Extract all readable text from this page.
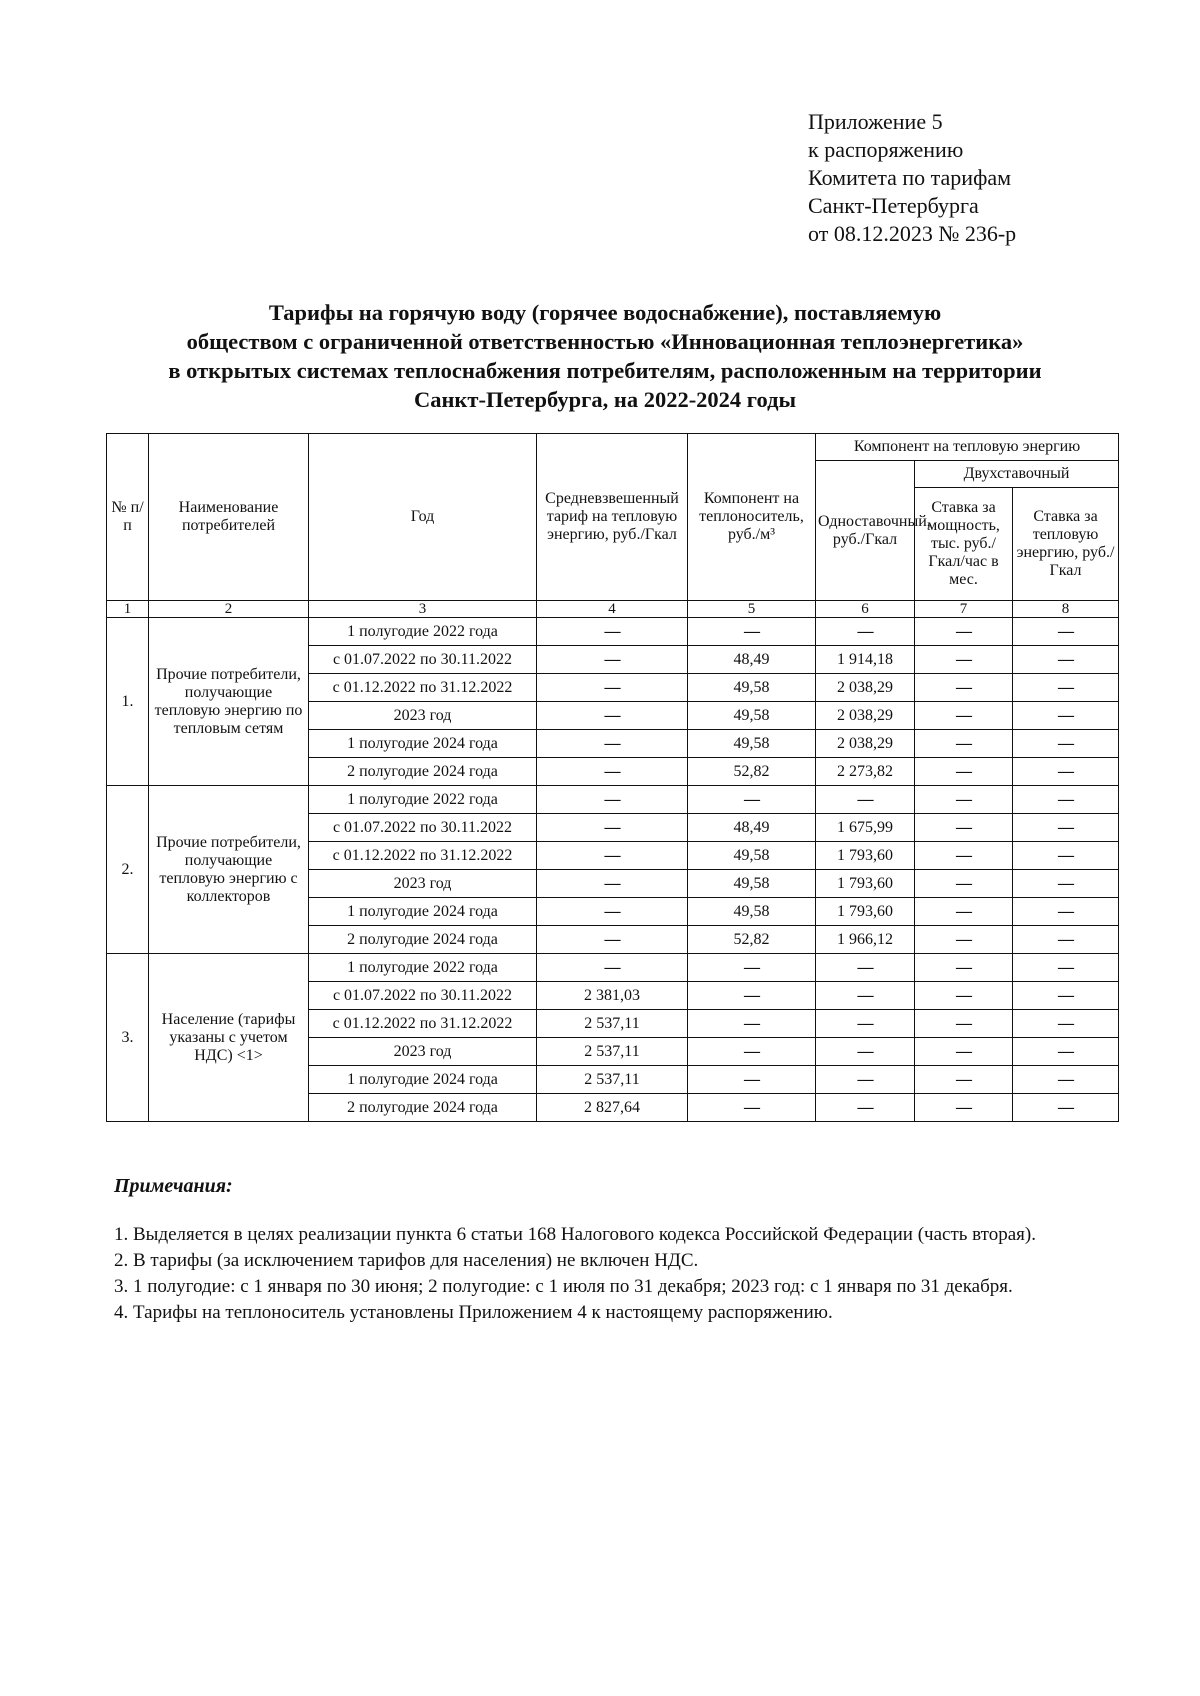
Приложение 5
к распоряжению
Комитета по тарифам
Санкт-Петербурга
от 08.12.2023 № 236-р
Тарифы на горячую воду (горячее водоснабжение), поставляемую
обществом с ограниченной ответственностью «Инновационная теплоэнергетика»
в открытых системах теплоснабжения потребителям, расположенным на территории
Санкт-Петербурга, на 2022-2024 годы
№ п/п	Наименование потребителей	Год	Средневзвешенный тариф на тепловую энергию, руб./Гкал	Компонент на теплоноситель, руб./м³	Компонент на тепловую энергию		
					Одноставочный, руб./Гкал	Двухставочный	
						Ставка за мощность, тыс. руб./Гкал/час в мес.	Ставка за тепловую энергию, руб./Гкал
1	2	3	4	5	6	7	8
1.	Прочие потребители, получающие тепловую энергию по тепловым сетям	1 полугодие 2022 года	—	—	—	—	—
		с 01.07.2022 по 30.11.2022	—	48,49	1 914,18	—	—
		с 01.12.2022 по 31.12.2022	—	49,58	2 038,29	—	—
		2023 год	—	49,58	2 038,29	—	—
		1 полугодие 2024 года	—	49,58	2 038,29	—	—
		2 полугодие 2024 года	—	52,82	2 273,82	—	—
2.	Прочие потребители, получающие тепловую энергию с коллекторов	1 полугодие 2022 года	—	—	—	—	—
		с 01.07.2022 по 30.11.2022	—	48,49	1 675,99	—	—
		с 01.12.2022 по 31.12.2022	—	49,58	1 793,60	—	—
		2023 год	—	49,58	1 793,60	—	—
		1 полугодие 2024 года	—	49,58	1 793,60	—	—
		2 полугодие 2024 года	—	52,82	1 966,12	—	—
3.	Население (тарифы указаны с учетом НДС) <1>	1 полугодие 2022 года	—	—	—	—	—
		с 01.07.2022 по 30.11.2022	2 381,03	—	—	—	—
		с 01.12.2022 по 31.12.2022	2 537,11	—	—	—	—
		2023 год	2 537,11	—	—	—	—
		1 полугодие 2024 года	2 537,11	—	—	—	—
		2 полугодие 2024 года	2 827,64	—	—	—	—
Примечания:
1. Выделяется в целях реализации пункта 6 статьи 168 Налогового кодекса Российской Федерации (часть вторая).
2. В тарифы (за исключением тарифов для населения) не включен НДС.
3. 1 полугодие: с 1 января по 30 июня; 2 полугодие: с 1 июля по 31 декабря; 2023 год: с 1 января по 31 декабря.
4. Тарифы на теплоноситель установлены Приложением 4 к настоящему распоряжению.
